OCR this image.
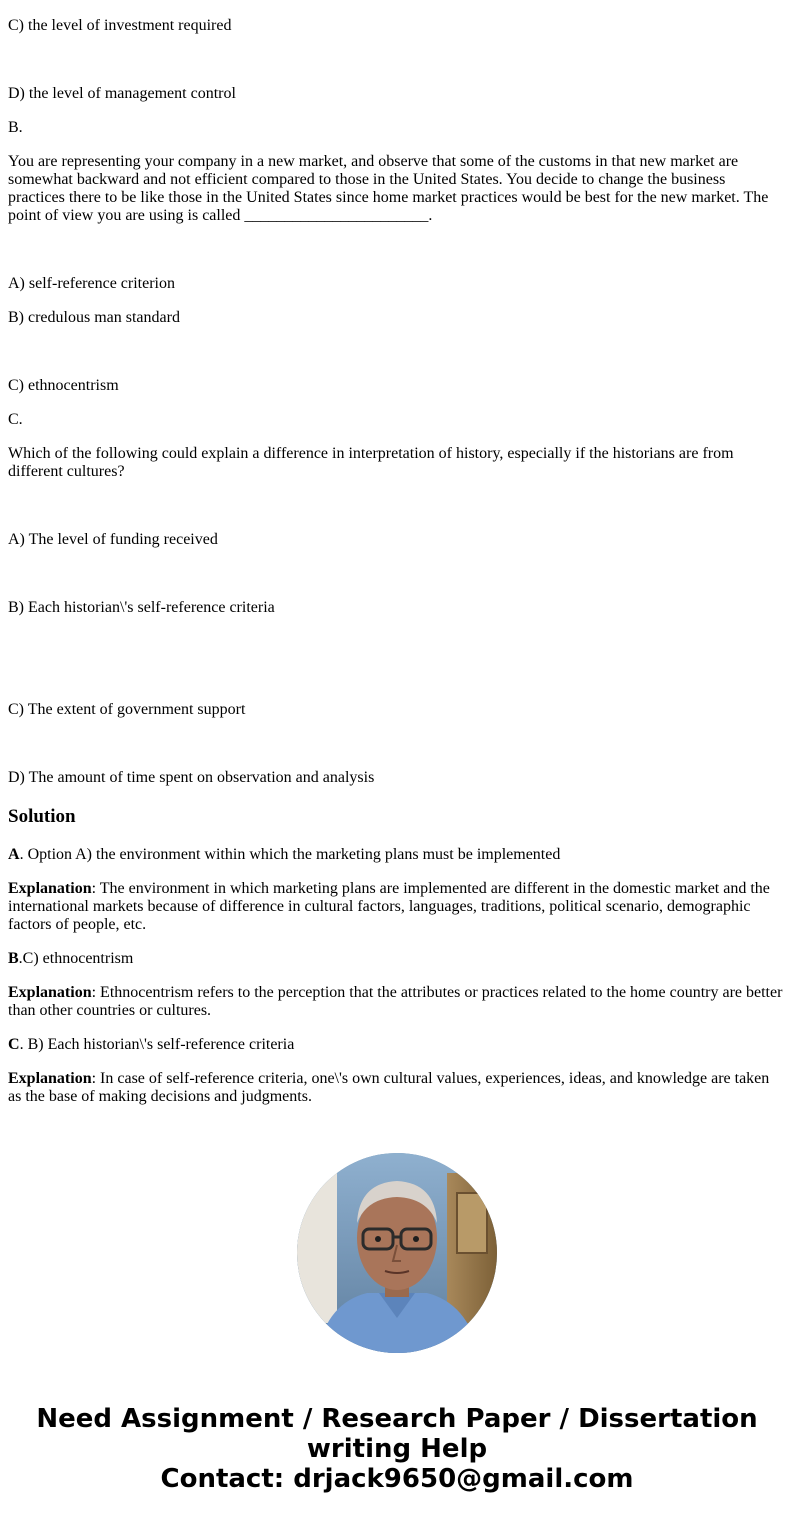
C) the level of investment required

D) the level of management control

B.

You are representing your company in a new market, and observe that some of the customs in that new market are somewhat backward and not efficient compared to those in the United States. You decide to change the business practices there to be like those in the United States since home market practices would be best for the new market. The point of view you are using is called _______________________.

A) self-reference criterion

B) credulous man standard

C) ethnocentrism

C.

Which of the following could explain a difference in interpretation of history, especially if the historians are from different cultures?

A) The level of funding received

B) Each historian\'s self-reference criteria

C) The extent of government support

D) The amount of time spent on observation and analysis

Solution

A. Option A) the environment within which the marketing plans must be implemented

Explanation: The environment in which marketing plans are implemented are different in the domestic market and the international markets because of difference in cultural factors, languages, traditions, political scenario, demographic factors of people, etc.

B.C) ethnocentrism

Explanation: Ethnocentrism refers to the perception that the attributes or practices related to the home country are better than other countries or cultures.

C. B) Each historian\'s self-reference criteria

Explanation: In case of self-reference criteria, one\'s own cultural values, experiences, ideas, and knowledge are taken as the base of making decisions and judgments.

Need Assignment / Research Paper / Dissertation
writing Help
Contact: drjack9650@gmail.com
